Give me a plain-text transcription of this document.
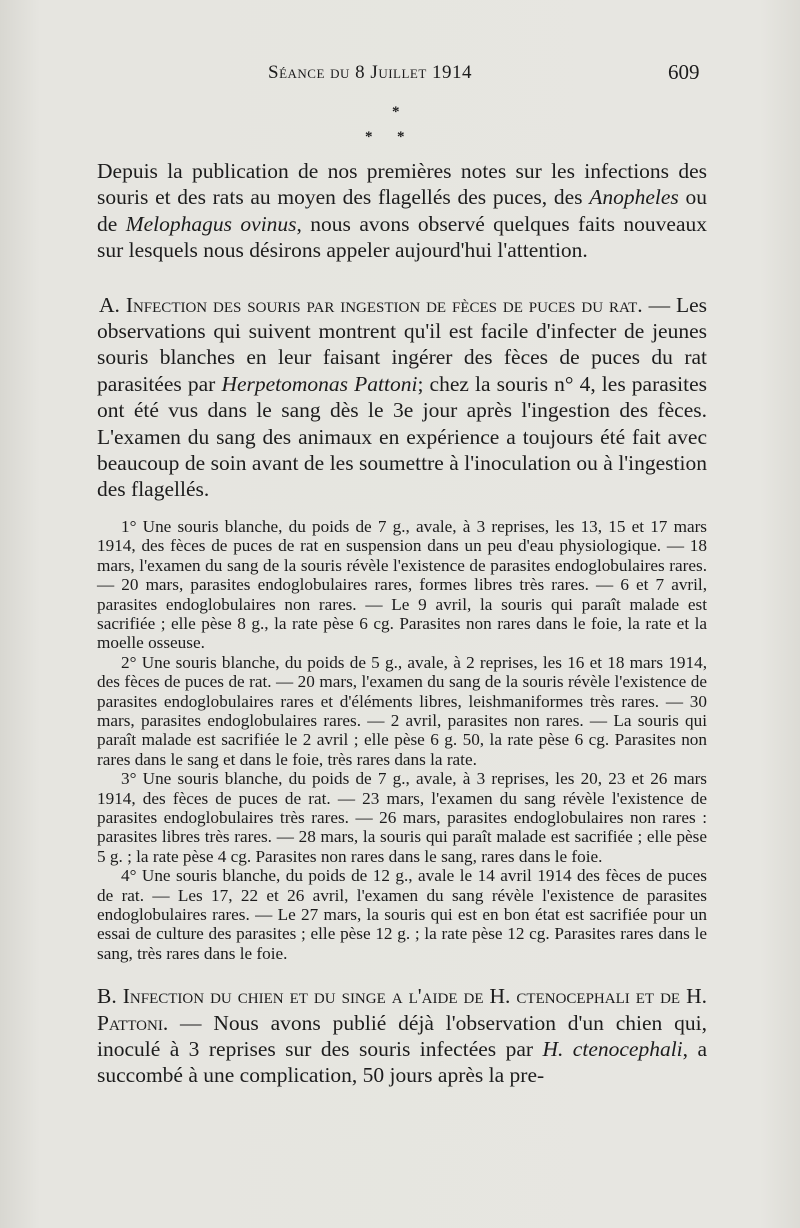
Séance du 8 Juillet 1914	609
*
* *

Depuis la publication de nos premières notes sur les infections des souris et des rats au moyen des flagellés des puces, des Anopheles ou de Melophagus ovinus, nous avons observé quelques faits nouveaux sur lesquels nous désirons appeler aujourd'hui l'attention.

A. Infection des souris par ingestion de fèces de puces du rat. — Les observations qui suivent montrent qu'il est facile d'infecter de jeunes souris blanches en leur faisant ingérer des fèces de puces du rat parasitées par Herpetomonas Pattoni; chez la souris n° 4, les parasites ont été vus dans le sang dès le 3e jour après l'ingestion des fèces. L'examen du sang des animaux en expérience a toujours été fait avec beaucoup de soin avant de les soumettre à l'inoculation ou à l'ingestion des flagellés.

1° Une souris blanche, du poids de 7 g., avale, à 3 reprises, les 13, 15 et 17 mars 1914, des fèces de puces de rat en suspension dans un peu d'eau physiologique. — 18 mars, l'examen du sang de la souris révèle l'existence de parasites endoglobulaires rares. — 20 mars, parasites endoglobulaires rares, formes libres très rares. — 6 et 7 avril, parasites endoglobulaires non rares. — Le 9 avril, la souris qui paraît malade est sacrifiée ; elle pèse 8 g., la rate pèse 6 cg. Parasites non rares dans le foie, la rate et la moelle osseuse.

2° Une souris blanche, du poids de 5 g., avale, à 2 reprises, les 16 et 18 mars 1914, des fèces de puces de rat. — 20 mars, l'examen du sang de la souris révèle l'existence de parasites endoglobulaires rares et d'éléments libres, leishmaniformes très rares. — 30 mars, parasites endoglobulaires rares. — 2 avril, parasites non rares. — La souris qui paraît malade est sacrifiée le 2 avril ; elle pèse 6 g. 50, la rate pèse 6 cg. Parasites non rares dans le sang et dans le foie, très rares dans la rate.

3° Une souris blanche, du poids de 7 g., avale, à 3 reprises, les 20, 23 et 26 mars 1914, des fèces de puces de rat. — 23 mars, l'examen du sang révèle l'existence de parasites endoglobulaires très rares. — 26 mars, parasites endoglobulaires non rares : parasites libres très rares. — 28 mars, la souris qui paraît malade est sacrifiée ; elle pèse 5 g. ; la rate pèse 4 cg. Parasites non rares dans le sang, rares dans le foie.

4° Une souris blanche, du poids de 12 g., avale le 14 avril 1914 des fèces de puces de rat. — Les 17, 22 et 26 avril, l'examen du sang révèle l'existence de parasites endoglobulaires rares. — Le 27 mars, la souris qui est en bon état est sacrifiée pour un essai de culture des parasites ; elle pèse 12 g. ; la rate pèse 12 cg. Parasites rares dans le sang, très rares dans le foie.

B. Infection du chien et du singe a l'aide de H. ctenocephali et de H. Pattoni. — Nous avons publié déjà l'observation d'un chien qui, inoculé à 3 reprises sur des souris infectées par H. ctenocephali, a succombé à une complication, 50 jours après la pre-
